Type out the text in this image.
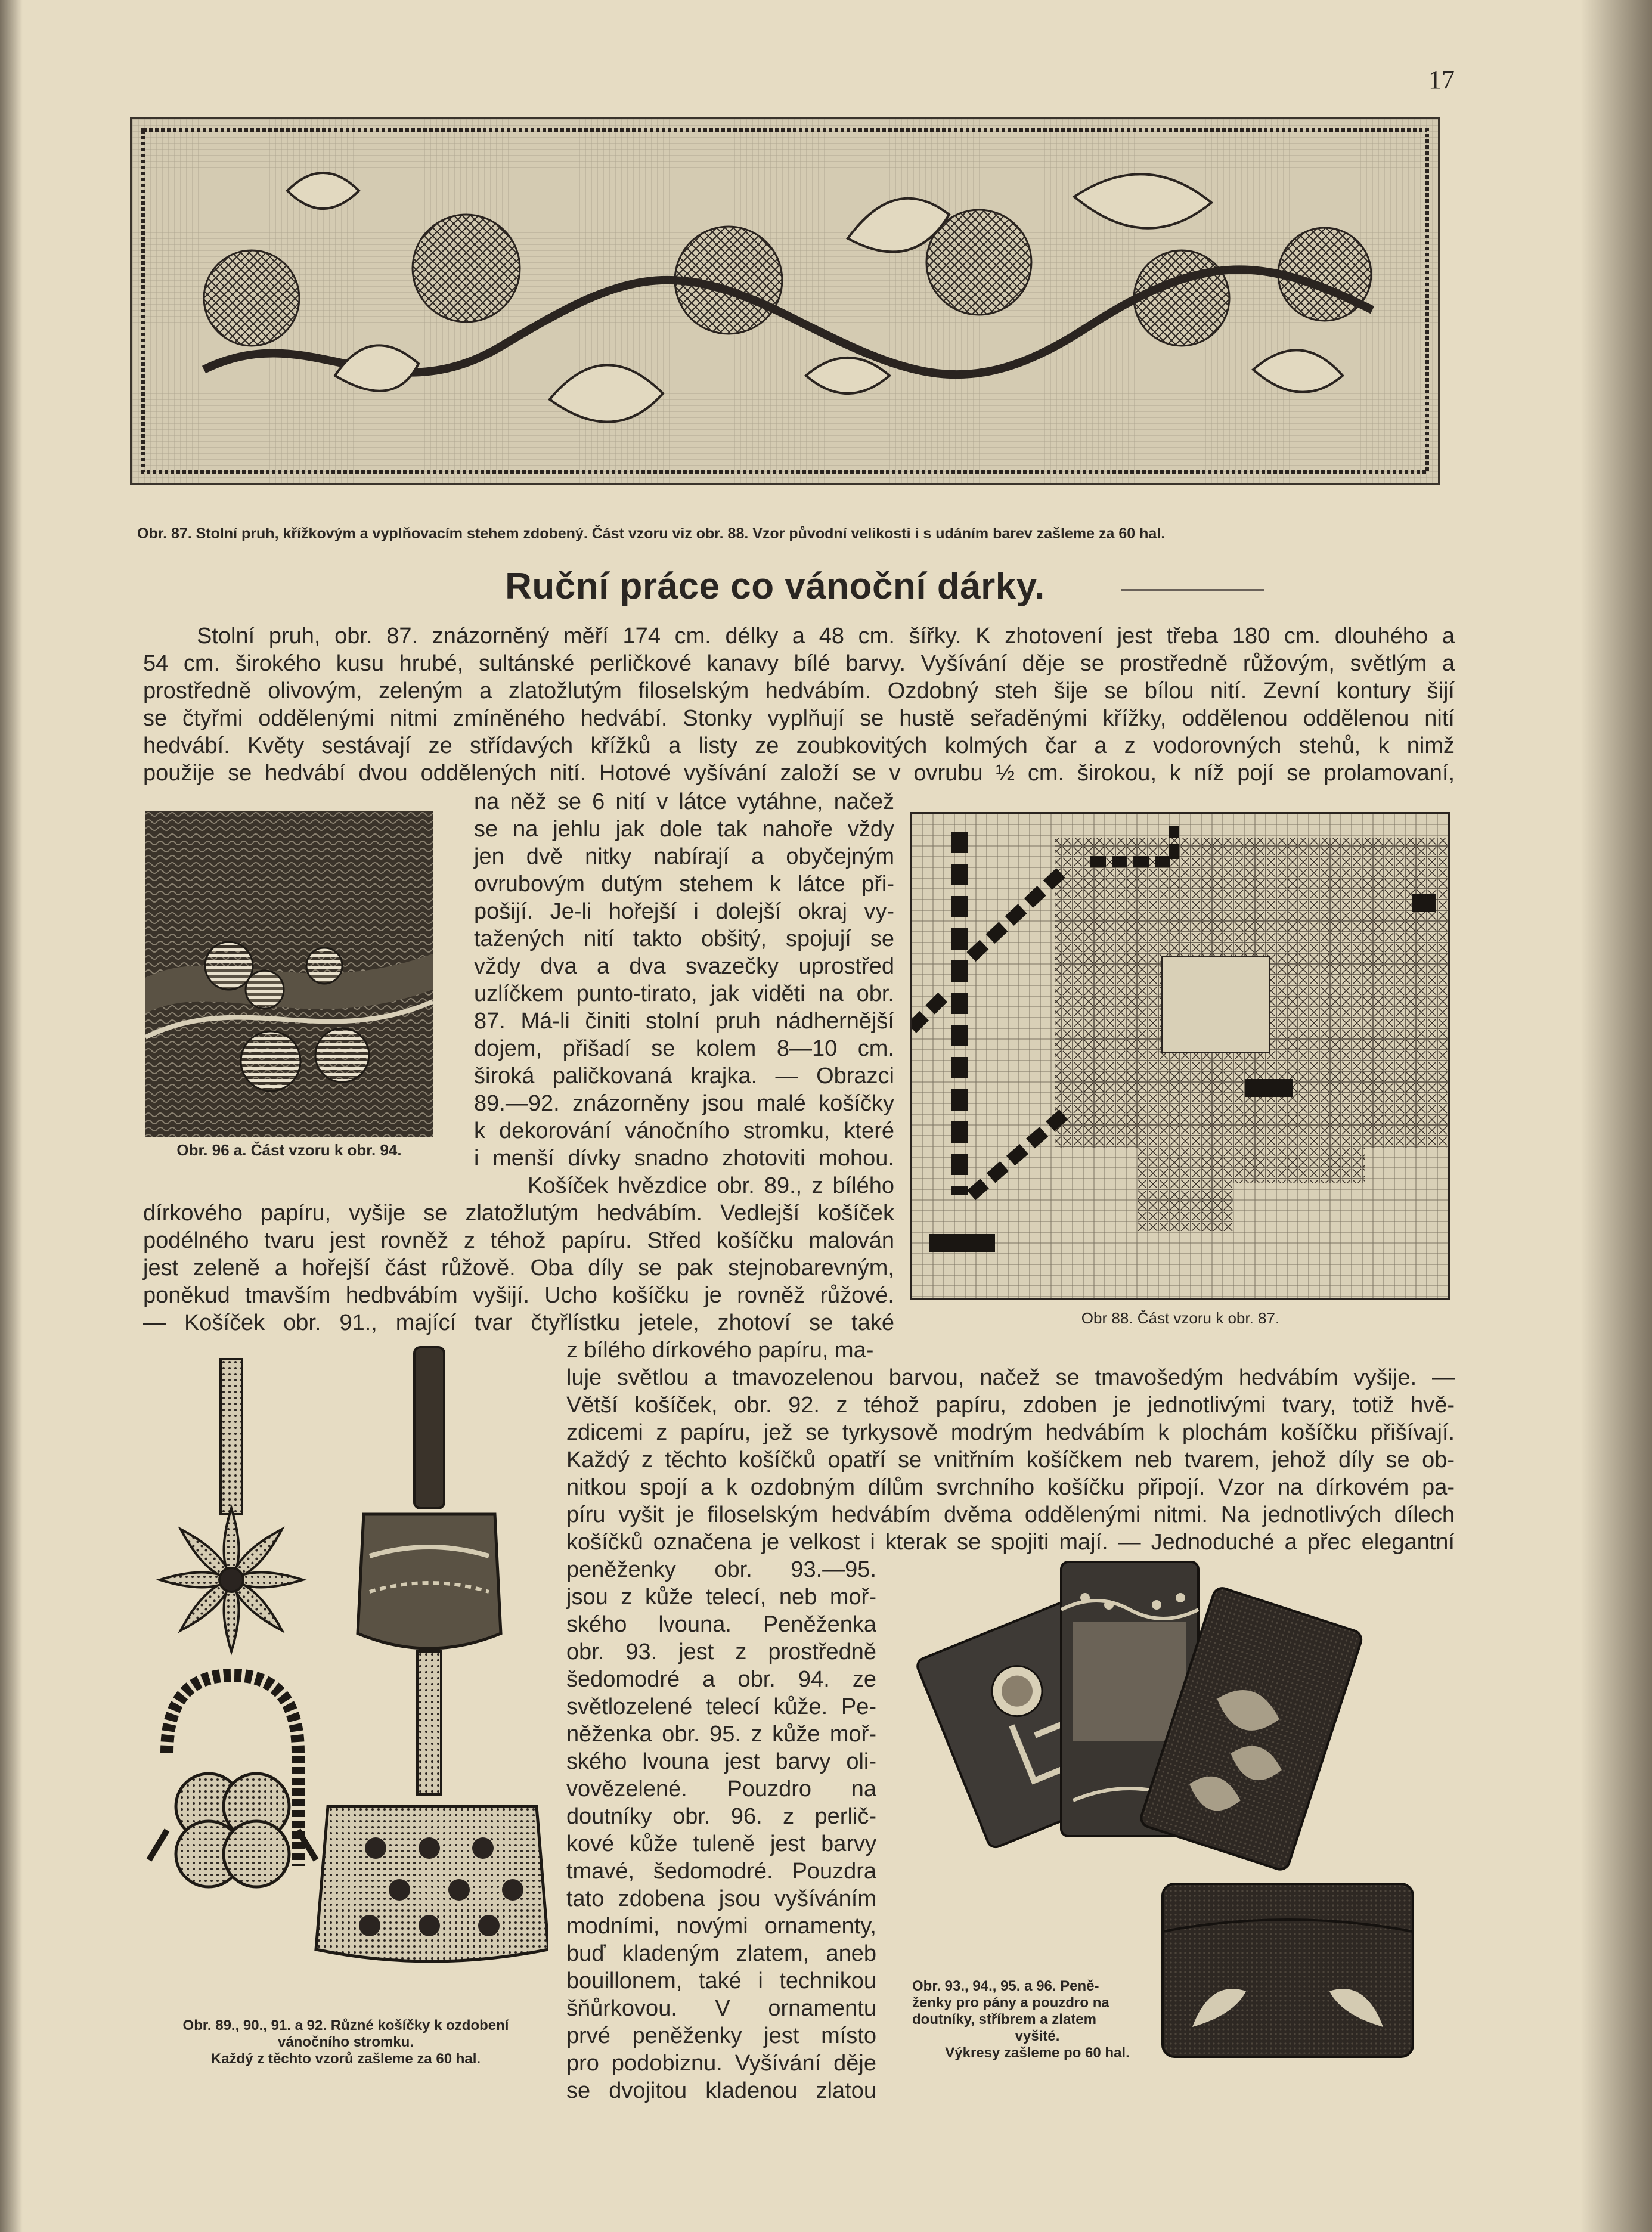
17
Obr. 87. Stolní pruh, křížkovým a vyplňovacím stehem zdobený. Část vzoru viz obr. 88. Vzor původní velikosti i s udáním barev zašleme za 60 hal.
Ruční práce co vánoční dárky.
Stolní pruh, obr. 87. znázorněný měří 174 cm. délky a 48 cm. šířky. K zhotovení jest třeba 180 cm. dlouhého a
54 cm. širokého kusu hrubé, sultánské perličkové kanavy bílé barvy. Vyšívání děje se prostředně růžovým, světlým a
prostředně olivovým, zeleným a zlatožlutým filoselským hedvábím. Ozdobný steh šije se bílou nití. Zevní kontury šijí
se čtyřmi oddělenými nitmi zmíněného hedvábí. Stonky vyplňují se hustě seřaděnými křížky, oddělenou oddělenou nití
hedvábí. Květy sestávají ze střídavých křížků a listy ze zoubkovitých kolmých čar a z vodorovných stehů, k nimž
použije se hedvábí dvou oddělených nití. Hotové vyšívání založí se v ovrubu ½ cm. širokou, k níž pojí se prolamovaní,
Obr. 96 a. Část vzoru k obr. 94.
na něž se 6 nití v látce vytáhne, načež
se na jehlu jak dole tak nahoře vždy
jen dvě nitky nabírají a obyčejným
ovrubovým dutým stehem k látce při-
pošijí. Je-li hořejší i dolejší okraj vy-
tažených nití takto obšitý, spojují se
vždy dva a dva svazečky uprostřed
uzlíčkem punto-tirato, jak viděti na obr.
87. Má-li činiti stolní pruh nádhernější
dojem, přišadí se kolem 8—10 cm.
široká paličkovaná krajka. — Obrazci
89.—92. znázorněny jsou malé košíčky
k dekorování vánočního stromku, které
i menší dívky snadno zhotoviti mohou.
Košíček hvězdice obr. 89., z bílého
Obr 88. Část vzoru k obr. 87.
dírkového papíru, vyšije se zlatožlutým hedvábím. Vedlejší košíček
podélného tvaru jest rovněž z téhož papíru. Střed košíčku malován
jest zeleně a hořejší část růžově. Oba díly se pak stejnobarevným,
poněkud tmavším hedbvábím vyšijí. Ucho košíčku je rovněž růžové.
— Košíček obr. 91., mající tvar čtyřlístku jetele, zhotoví se také
z bílého dírkového papíru, ma-
luje světlou a tmavozelenou barvou, načež se tmavošedým hedvábím vyšije. —
Větší košíček, obr. 92. z téhož papíru, zdoben je jednotlivými tvary, totiž hvě-
zdicemi z papíru, jež se tyrkysově modrým hedvábím k plochám košíčku přišívají.
Každý z těchto košíčků opatří se vnitřním košíčkem neb tvarem, jehož díly se ob-
nitkou spojí a k ozdobným dílům svrchního košíčku připojí. Vzor na dírkovém pa-
píru vyšit je filoselským hedvábím dvěma oddělenými nitmi. Na jednotlivých dílech
košíčků označena je velkost i kterak se spojiti mají. — Jednoduché a přec elegantní
Obr. 89., 90., 91. a 92. Různé košíčky k ozdobení
vánočního stromku.
Každý z těchto vzorů zašleme za 60 hal.
peněženky obr. 93.—95.
jsou z kůže telecí, neb moř-
ského lvouna. Peněženka
obr. 93. jest z prostředně
šedomodré a obr. 94. ze
světlozelené telecí kůže. Pe-
něženka obr. 95. z kůže moř-
ského lvouna jest barvy oli-
vovězelené. Pouzdro na
doutníky obr. 96. z perlič-
kové kůže tuleně jest barvy
tmavé, šedomodré. Pouzdra
tato zdobena jsou vyšíváním
modními, novými ornamenty,
buď kladeným zlatem, aneb
bouillonem, také i technikou
šňůrkovou. V ornamentu
prvé peněženky jest místo
pro podobiznu. Vyšívání děje
se dvojitou kladenou zlatou
Obr. 93., 94., 95. a 96. Peně-
ženky pro pány a pouzdro na
doutníky, stříbrem a zlatem
vyšité.
Výkresy zašleme po 60 hal.
